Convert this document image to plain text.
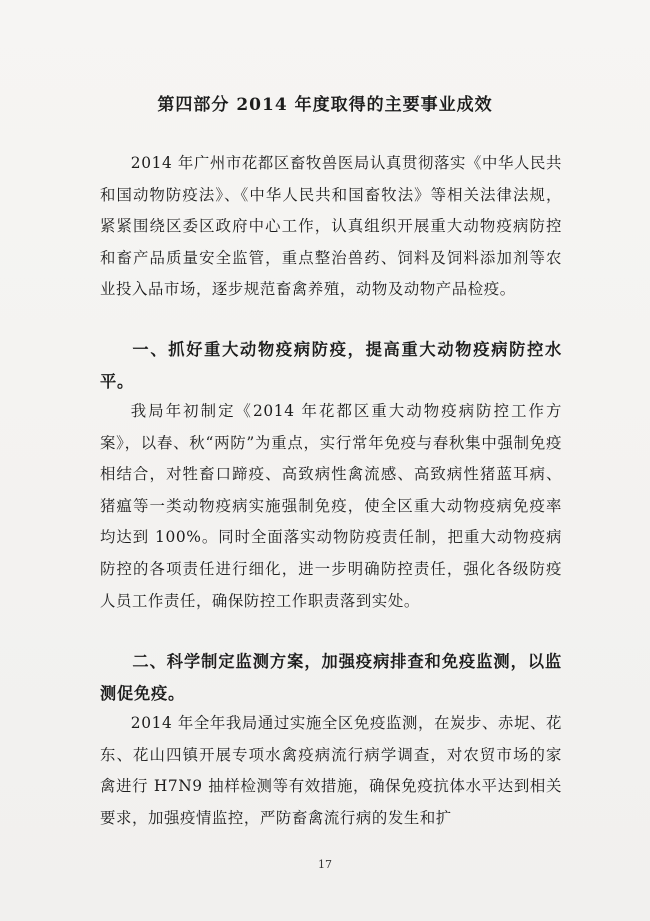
第四部分 2014 年度取得的主要事业成效
2014 年广州市花都区畜牧兽医局认真贯彻落实《中华人民共和国动物防疫法》、《中华人民共和国畜牧法》等相关法律法规，紧紧围绕区委区政府中心工作，认真组织开展重大动物疫病防控和畜产品质量安全监管，重点整治兽药、饲料及饲料添加剂等农业投入品市场，逐步规范畜禽养殖，动物及动物产品检疫。
一、抓好重大动物疫病防疫，提高重大动物疫病防控水平。
我局年初制定《2014 年花都区重大动物疫病防控工作方案》，以春、秋“两防”为重点，实行常年免疫与春秋集中强制免疫相结合，对牲畜口蹄疫、高致病性禽流感、高致病性猪蓝耳病、猪瘟等一类动物疫病实施强制免疫，使全区重大动物疫病免疫率均达到 100%。同时全面落实动物防疫责任制，把重大动物疫病防控的各项责任进行细化，进一步明确防控责任，强化各级防疫人员工作责任，确保防控工作职责落到实处。
二、科学制定监测方案，加强疫病排查和免疫监测，以监测促免疫。
2014 年全年我局通过实施全区免疫监测，在炭步、赤坭、花东、花山四镇开展专项水禽疫病流行病学调查，对农贸市场的家禽进行 H7N9 抽样检测等有效措施，确保免疫抗体水平达到相关要求，加强疫情监控，严防畜禽流行病的发生和扩
17
